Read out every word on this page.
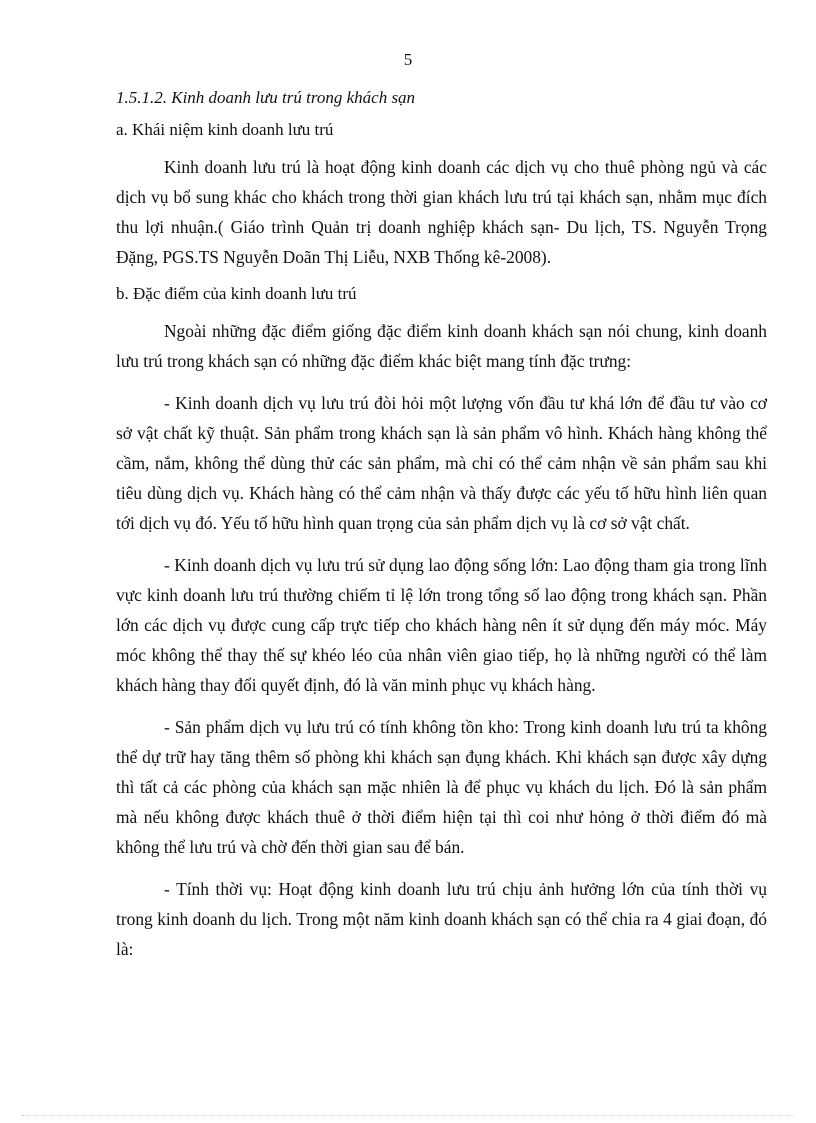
5

1.5.1.2. Kinh doanh lưu trú trong khách sạn

a. Khái niệm kinh doanh lưu trú

Kinh doanh lưu trú là hoạt động kinh doanh các dịch vụ cho thuê phòng ngủ và các dịch vụ bổ sung khác cho khách trong thời gian khách lưu trú tại khách sạn, nhằm mục đích thu lợi nhuận.( Giáo trình Quản trị doanh nghiệp khách sạn- Du lịch, TS. Nguyễn Trọng Đặng, PGS.TS Nguyễn Doãn Thị Liễu, NXB Thống kê-2008).

b. Đặc điểm của kinh doanh lưu trú

Ngoài những đặc điểm giống đặc điểm kinh doanh khách sạn nói chung, kinh doanh lưu trú trong khách sạn có những đặc điểm khác biệt mang tính đặc trưng:

- Kinh doanh dịch vụ lưu trú đòi hỏi một lượng vốn đầu tư khá lớn để đầu tư vào cơ sở vật chất kỹ thuật. Sản phẩm trong khách sạn là sản phẩm vô hình. Khách hàng không thể cầm, nắm, không thể dùng thử các sản phẩm, mà chỉ có thể cảm nhận về sản phẩm sau khi tiêu dùng dịch vụ. Khách hàng có thể cảm nhận và thấy được các yếu tố hữu hình liên quan tới dịch vụ đó. Yếu tố hữu hình quan trọng của sản phẩm dịch vụ là cơ sở vật chất.

- Kinh doanh dịch vụ lưu trú sử dụng lao động sống lớn: Lao động tham gia trong lĩnh vực kinh doanh lưu trú thường chiếm tỉ lệ lớn trong tổng số lao động trong khách sạn. Phần lớn các dịch vụ được cung cấp trực tiếp cho khách hàng nên ít sử dụng đến máy móc. Máy móc không thể thay thế sự khéo léo của nhân viên giao tiếp, họ là những người có thể làm khách hàng thay đổi quyết định, đó là văn minh phục vụ khách hàng.

- Sản phẩm dịch vụ lưu trú có tính không tồn kho: Trong kinh doanh lưu trú ta không thể dự trữ hay tăng thêm số phòng khi khách sạn đụng khách. Khi khách sạn được xây dựng thì tất cả các phòng của khách sạn mặc nhiên là để phục vụ khách du lịch. Đó là sản phẩm mà nếu không được khách thuê ở thời điểm hiện tại thì coi như hỏng ở thời điểm đó mà không thể lưu trú và chờ đến thời gian sau để bán.

- Tính thời vụ: Hoạt động kinh doanh lưu trú chịu ảnh hưởng lớn của tính thời vụ trong kinh doanh du lịch. Trong một năm kinh doanh khách sạn có thể chia ra 4 giai đoạn, đó là:
